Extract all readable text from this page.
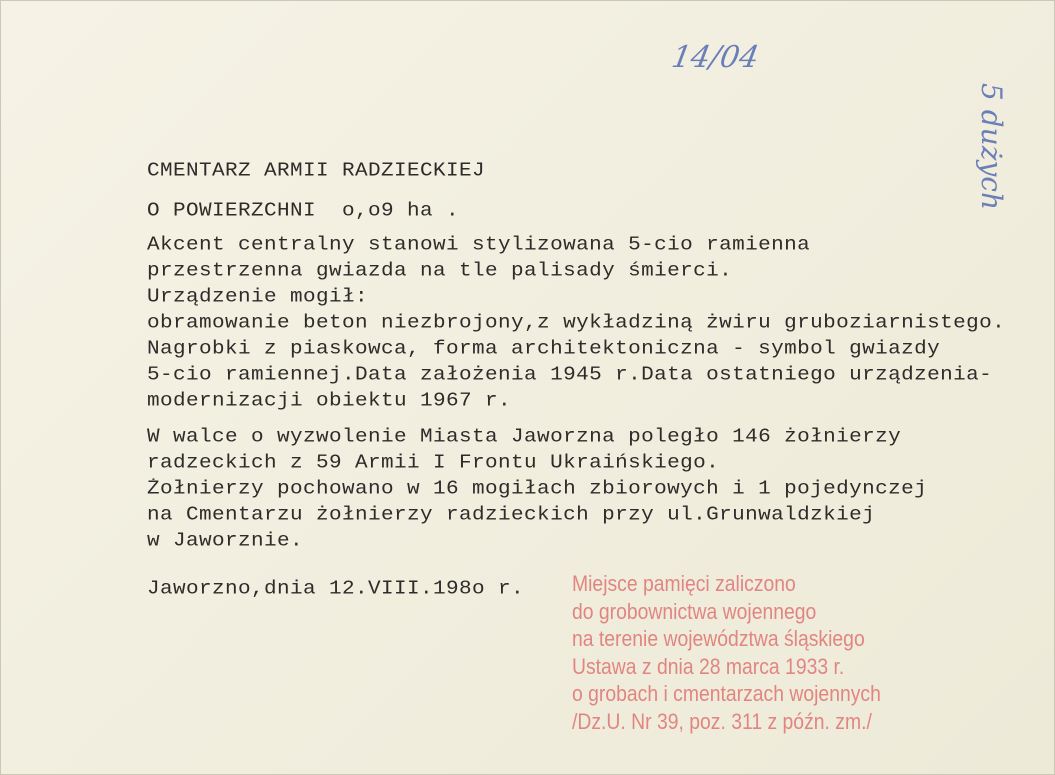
14/04
5 dużych
CMENTARZ ARMII RADZIECKIEJ
O POWIERZCHNI  o,o9 ha .
Akcent centralny stanowi stylizowana 5-cio ramienna
przestrzenna gwiazda na tle palisady śmierci.
Urządzenie mogił:
obramowanie beton niezbrojony,z wykładziną żwiru gruboziarnistego.
Nagrobki z piaskowca, forma architektoniczna - symbol gwiazdy
5-cio ramiennej.Data założenia 1945 r.Data ostatniego urządzenia-
modernizacji obiektu 1967 r.
W walce o wyzwolenie Miasta Jaworzna poległo 146 żołnierzy
radzeckich z 59 Armii I Frontu Ukraińskiego.
Żołnierzy pochowano w 16 mogiłach zbiorowych i 1 pojedynczej
na Cmentarzu żołnierzy radzieckich przy ul.Grunwaldzkiej
w Jaworznie.
Jaworzno,dnia 12.VIII.198o r. Miejsce pamięci zaliczono
do grobownictwa wojennego
na terenie województwa śląskiego
Ustawa z dnia 28 marca 1933 r.
o grobach i cmentarzach wojennych
/Dz.U. Nr 39, poz. 311 z późn. zm./
